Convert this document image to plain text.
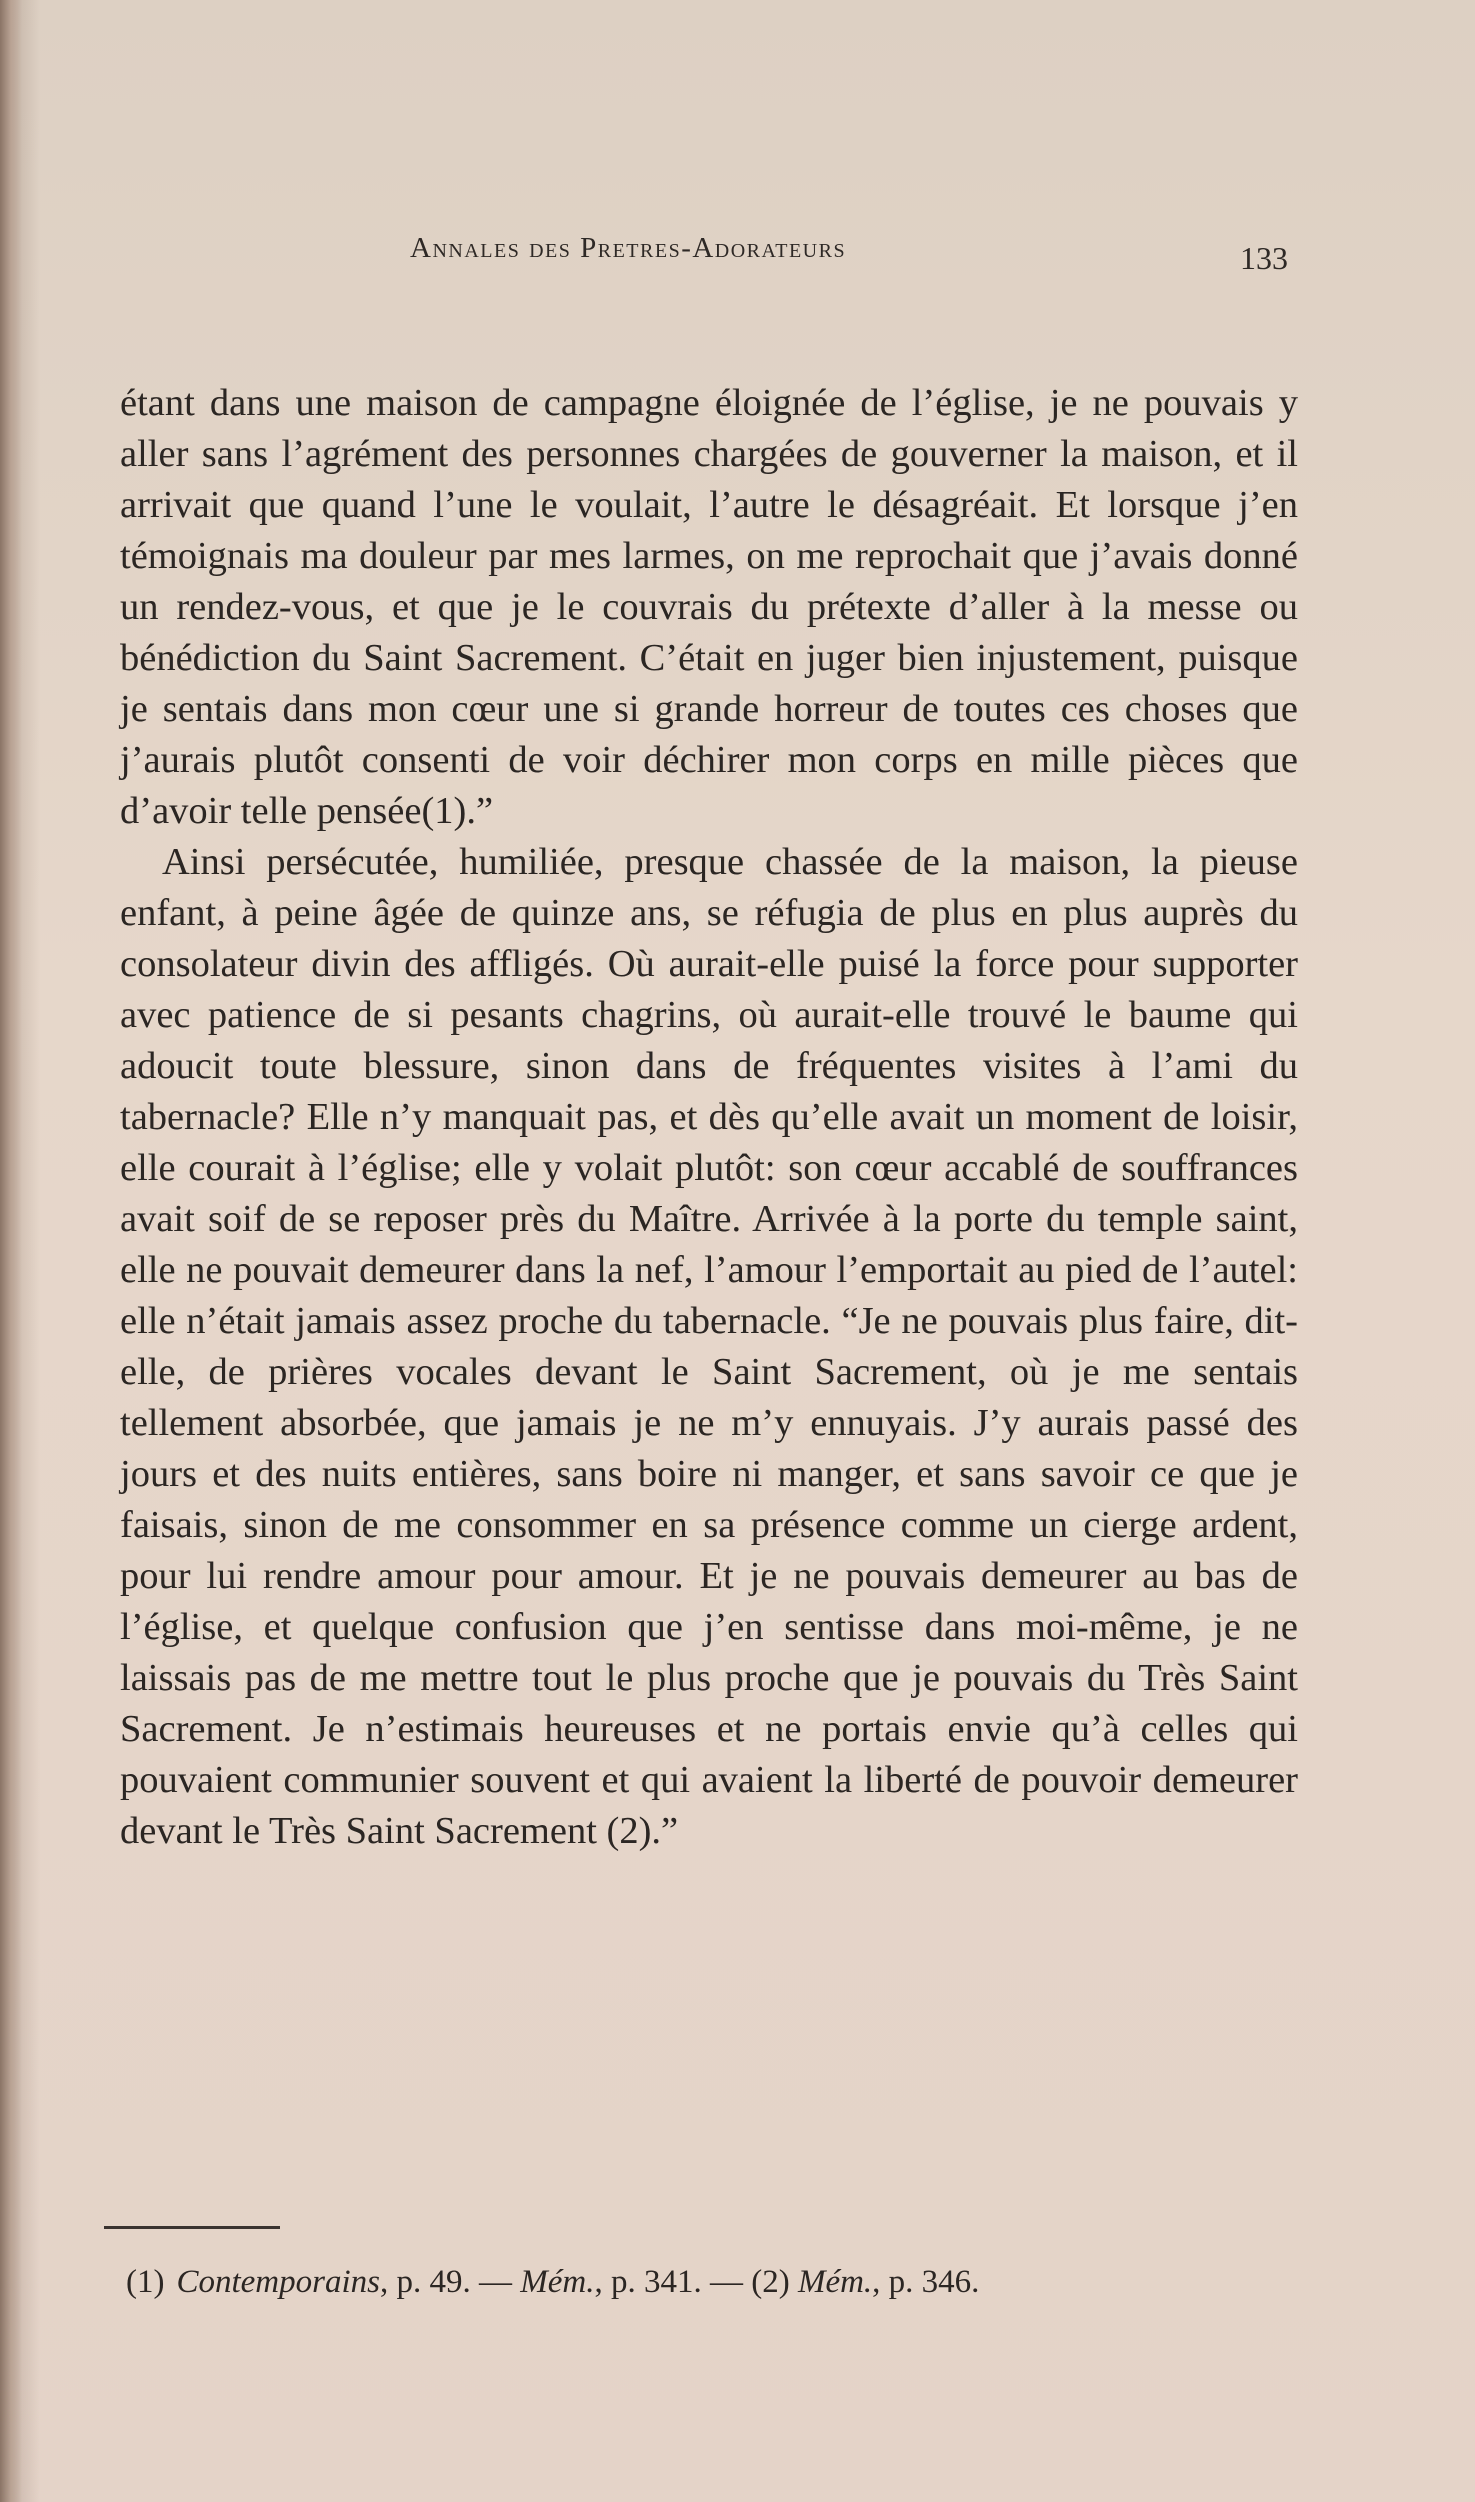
Annales des Pretres-Adorateurs	133

étant dans une maison de campagne éloignée de l’église, je ne pouvais y aller sans l’agrément des personnes chargées de gouverner la maison, et il arrivait que quand l’une le voulait, l’autre le désagréait. Et lorsque j’en témoignais ma douleur par mes larmes, on me reprochait que j’avais donné un rendez-vous, et que je le couvrais du prétexte d’aller à la messe ou bénédiction du Saint Sacrement. C’était en juger bien injustement, puisque je sentais dans mon cœur une si grande horreur de toutes ces choses que j’aurais plutôt consenti de voir déchirer mon corps en mille pièces que d’avoir telle pensée(1).”

Ainsi persécutée, humiliée, presque chassée de la maison, la pieuse enfant, à peine âgée de quinze ans, se réfugia de plus en plus auprès du consolateur divin des affligés. Où aurait-elle puisé la force pour supporter avec patience de si pesants chagrins, où aurait-elle trouvé le baume qui adoucit toute blessure, sinon dans de fréquentes visites à l’ami du tabernacle? Elle n’y manquait pas, et dès qu’elle avait un moment de loisir, elle courait à l’église; elle y volait plutôt: son cœur accablé de souffrances avait soif de se reposer près du Maître. Arrivée à la porte du temple saint, elle ne pouvait demeurer dans la nef, l’amour l’emportait au pied de l’autel: elle n’était jamais assez proche du tabernacle. “Je ne pouvais plus faire, dit-elle, de prières vocales devant le Saint Sacrement, où je me sentais tellement absorbée, que jamais je ne m’y ennuyais. J’y aurais passé des jours et des nuits entières, sans boire ni manger, et sans savoir ce que je faisais, sinon de me consommer en sa présence comme un cierge ardent, pour lui rendre amour pour amour. Et je ne pouvais demeurer au bas de l’église, et quelque confusion que j’en sentisse dans moi-même, je ne laissais pas de me mettre tout le plus proche que je pouvais du Très Saint Sacrement. Je n’estimais heureuses et ne portais envie qu’à celles qui pouvaient communier souvent et qui avaient la liberté de pouvoir demeurer devant le Très Saint Sacrement (2).”

(1) Contemporains, p. 49. — Mém., p. 341. — (2) Mém., p. 346.
